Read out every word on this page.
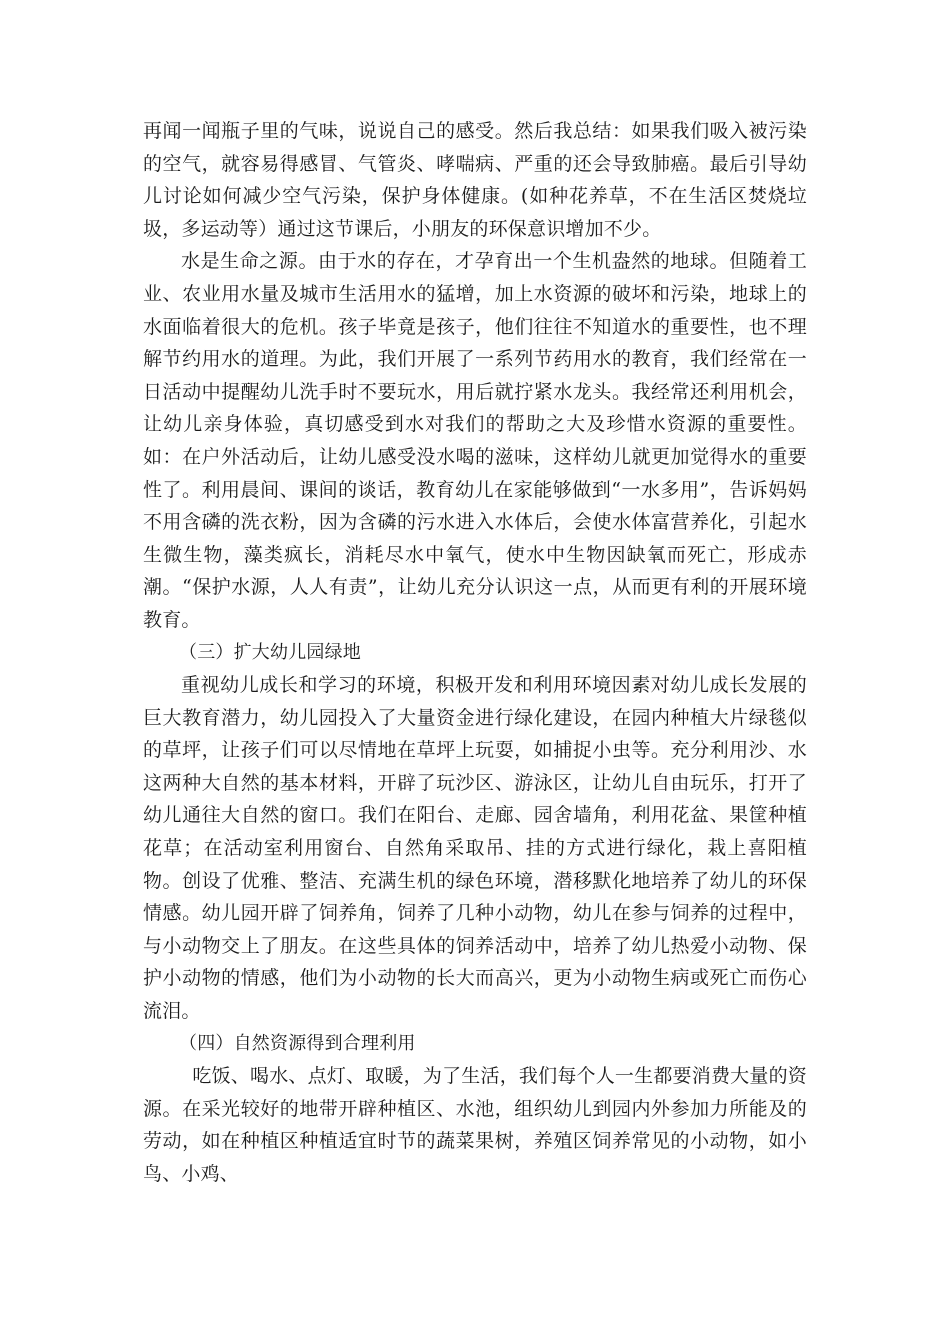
再闻一闻瓶子里的气味，说说自己的感受。然后我总结：如果我们吸入被污染的空气，就容易得感冒、气管炎、哮喘病、严重的还会导致肺癌。最后引导幼儿讨论如何减少空气污染，保护身体健康。(如种花养草，不在生活区焚烧垃圾，多运动等）通过这节课后，小朋友的环保意识增加不少。

水是生命之源。由于水的存在，才孕育出一个生机盎然的地球。但随着工业、农业用水量及城市生活用水的猛增，加上水资源的破坏和污染，地球上的水面临着很大的危机。孩子毕竟是孩子，他们往往不知道水的重要性，也不理解节约用水的道理。为此，我们开展了一系列节药用水的教育，我们经常在一日活动中提醒幼儿洗手时不要玩水，用后就拧紧水龙头。我经常还利用机会，让幼儿亲身体验，真切感受到水对我们的帮助之大及珍惜水资源的重要性。如：在户外活动后，让幼儿感受没水喝的滋味，这样幼儿就更加觉得水的重要性了。利用晨间、课间的谈话，教育幼儿在家能够做到“一水多用”，告诉妈妈不用含磷的洗衣粉，因为含磷的污水进入水体后，会使水体富营养化，引起水生微生物，藻类疯长，消耗尽水中氧气，使水中生物因缺氧而死亡，形成赤潮。“保护水源，人人有责”，让幼儿充分认识这一点，从而更有利的开展环境教育。

（三）扩大幼儿园绿地

重视幼儿成长和学习的环境，积极开发和利用环境因素对幼儿成长发展的巨大教育潜力，幼儿园投入了大量资金进行绿化建设，在园内种植大片绿毯似的草坪，让孩子们可以尽情地在草坪上玩耍，如捕捉小虫等。充分利用沙、水这两种大自然的基本材料，开辟了玩沙区、游泳区，让幼儿自由玩乐，打开了幼儿通往大自然的窗口。我们在阳台、走廊、园舍墙角，利用花盆、果筐种植花草；在活动室利用窗台、自然角采取吊、挂的方式进行绿化，栽上喜阳植物。创设了优雅、整洁、充满生机的绿色环境，潜移默化地培养了幼儿的环保情感。幼儿园开辟了饲养角，饲养了几种小动物，幼儿在参与饲养的过程中，与小动物交上了朋友。在这些具体的饲养活动中，培养了幼儿热爱小动物、保护小动物的情感，他们为小动物的长大而高兴，更为小动物生病或死亡而伤心流泪。

（四）自然资源得到合理利用

吃饭、喝水、点灯、取暖，为了生活，我们每个人一生都要消费大量的资源。在采光较好的地带开辟种植区、水池，组织幼儿到园内外参加力所能及的劳动，如在种植区种植适宜时节的蔬菜果树，养殖区饲养常见的小动物，如小鸟、小鸡、
